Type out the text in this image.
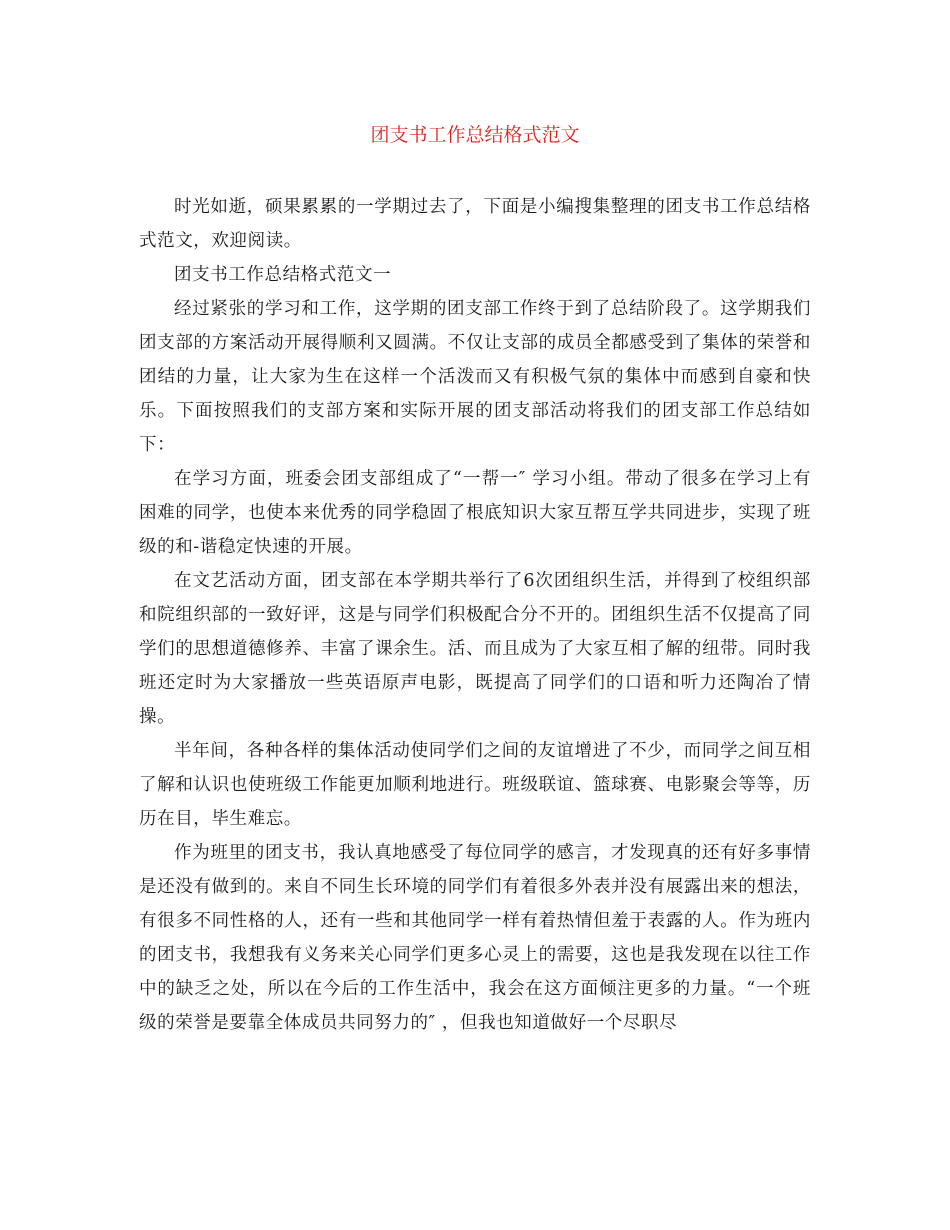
团支书工作总结格式范文

时光如逝，硕果累累的一学期过去了，下面是小编搜集整理的团支书工作总结格式范文，欢迎阅读。

团支书工作总结格式范文一

经过紧张的学习和工作，这学期的团支部工作终于到了总结阶段了。这学期我们团支部的方案活动开展得顺利又圆满。不仅让支部的成员全都感受到了集体的荣誉和团结的力量，让大家为生在这样一个活泼而又有积极气氛的集体中而感到自豪和快乐。下面按照我们的支部方案和实际开展的团支部活动将我们的团支部工作总结如下：

在学习方面，班委会团支部组成了“一帮一″ 学习小组。带动了很多在学习上有困难的同学，也使本来优秀的同学稳固了根底知识大家互帮互学共同进步，实现了班级的和-谐稳定快速的开展。

在文艺活动方面，团支部在本学期共举行了6次团组织生活，并得到了校组织部和院组织部的一致好评，这是与同学们积极配合分不开的。团组织生活不仅提高了同学们的思想道德修养、丰富了课余生。活、而且成为了大家互相了解的纽带。同时我班还定时为大家播放一些英语原声电影，既提高了同学们的口语和听力还陶冶了情操。

半年间，各种各样的集体活动使同学们之间的友谊增进了不少，而同学之间互相了解和认识也使班级工作能更加顺利地进行。班级联谊、篮球赛、电影聚会等等，历历在目，毕生难忘。

作为班里的团支书，我认真地感受了每位同学的感言，才发现真的还有好多事情是还没有做到的。来自不同生长环境的同学们有着很多外表并没有展露出来的想法，有很多不同性格的人，还有一些和其他同学一样有着热情但羞于表露的人。作为班内的团支书，我想我有义务来关心同学们更多心灵上的需要，这也是我发现在以往工作中的缺乏之处，所以在今后的工作生活中，我会在这方面倾注更多的力量。“一个班级的荣誉是要靠全体成员共同努力的″ ，但我也知道做好一个尽职尽
